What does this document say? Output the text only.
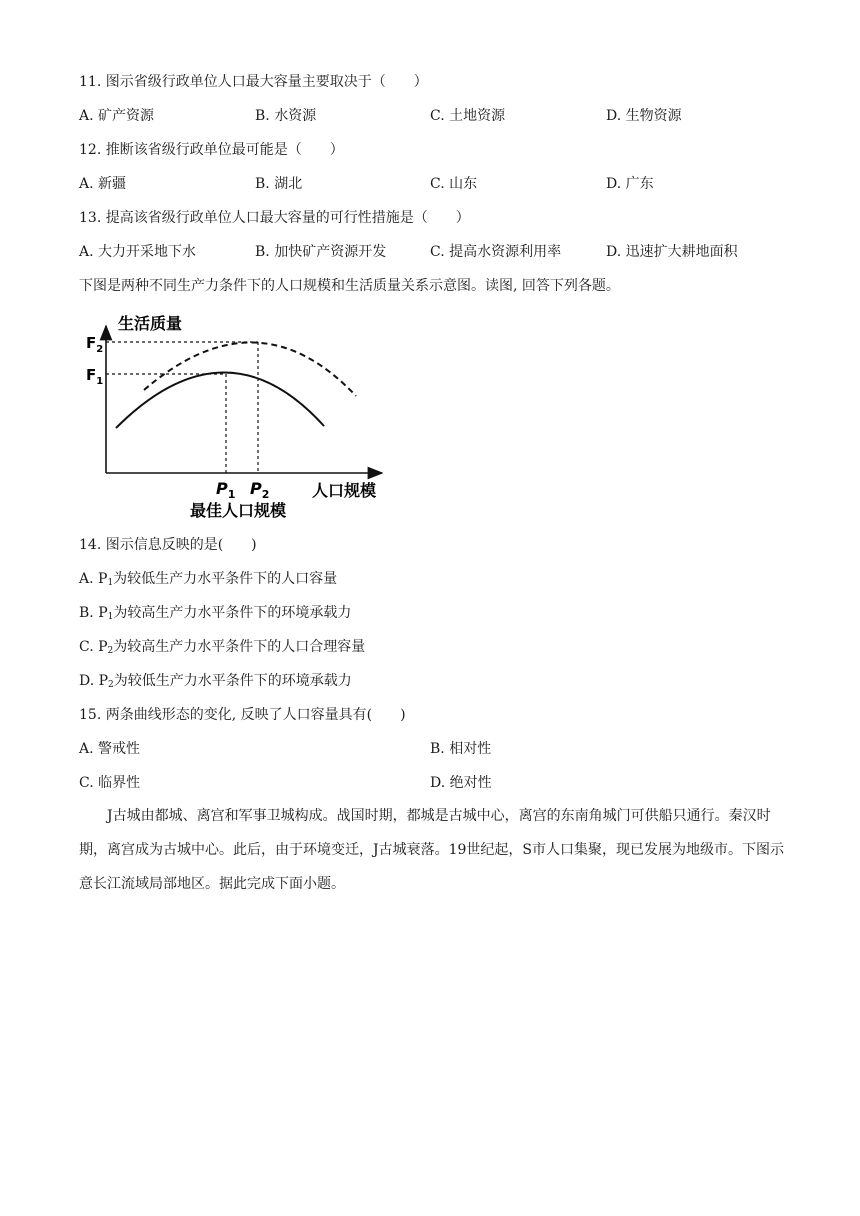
11. 图示省级行政单位人口最大容量主要取决于（　　）
A. 矿产资源	B. 水资源	C. 土地资源	D. 生物资源
12. 推断该省级行政单位最可能是（　　）
A. 新疆	B. 湖北	C. 山东	D. 广东
13. 提高该省级行政单位人口最大容量的可行性措施是（　　）
A. 大力开采地下水	B. 加快矿产资源开发	C. 提高水资源利用率	D. 迅速扩大耕地面积
下图是两种不同生产力条件下的人口规模和生活质量关系示意图。读图, 回答下列各题。
生活质量
$F_2$
$F_1$
$P_1$ $P_2$	人口规模
最佳人口规模
14. 图示信息反映的是(　　)
A. $P_1$为较低生产力水平条件下的人口容量
B. $P_1$为较高生产力水平条件下的环境承载力
C. $P_2$为较高生产力水平条件下的人口合理容量
D. $P_2$为较低生产力水平条件下的环境承载力
15. 两条曲线形态的变化, 反映了人口容量具有(　　)
A. 警戒性	B. 相对性
C. 临界性	D. 绝对性
J古城由都城、离宫和军事卫城构成。战国时期，都城是古城中心，离宫的东南角城门可供船只通行。秦汉时期，离宫成为古城中心。此后，由于环境变迁，J古城衰落。19世纪起，S市人口集聚，现已发展为地级市。下图示意长江流域局部地区。据此完成下面小题。
